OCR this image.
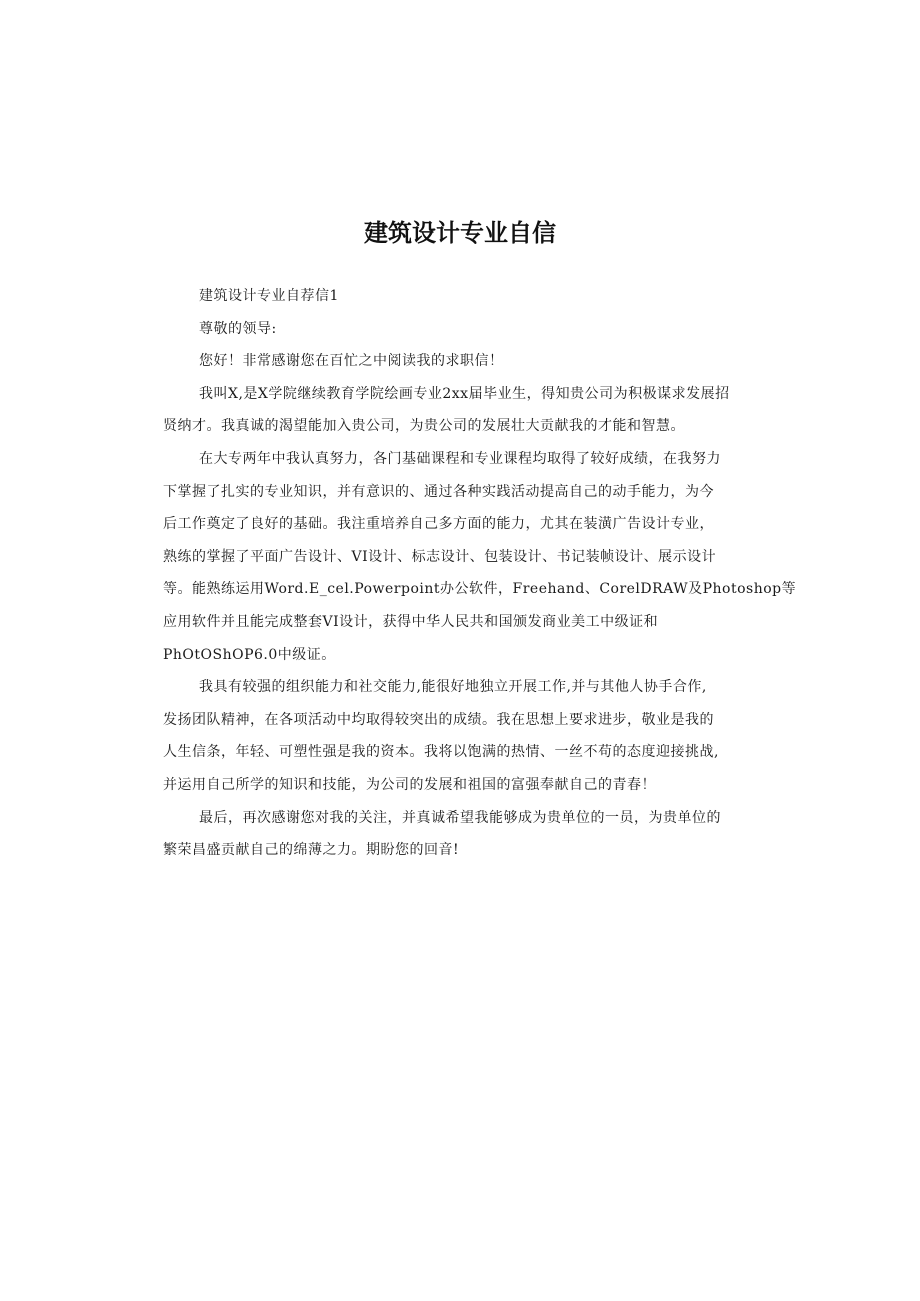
建筑设计专业自信

建筑设计专业自荐信1

尊敬的领导:

您好！非常感谢您在百忙之中阅读我的求职信！

我叫X,是X学院继续教育学院绘画专业2xx届毕业生，得知贵公司为积极谋求发展招

贤纳才。我真诚的渴望能加入贵公司，为贵公司的发展壮大贡献我的才能和智慧。

在大专两年中我认真努力，各门基础课程和专业课程均取得了较好成绩，在我努力

下掌握了扎实的专业知识，并有意识的、通过各种实践活动提高自己的动手能力，为今

后工作奠定了良好的基础。我注重培养自己多方面的能力，尤其在装潢广告设计专业，

熟练的掌握了平面广告设计、VI设计、标志设计、包装设计、书记装帧设计、展示设计

等。能熟练运用Word.E_cel.Powerpoint办公软件，Freehand、CorelDRAW及Photoshop等

应用软件并且能完成整套VI设计，获得中华人民共和国颁发商业美工中级证和

PhOtOShOP6.0中级证。

我具有较强的组织能力和社交能力,能很好地独立开展工作,并与其他人协手合作,

发扬团队精神，在各项活动中均取得较突出的成绩。我在思想上要求进步，敬业是我的

人生信条，年轻、可塑性强是我的资本。我将以饱满的热情、一丝不苟的态度迎接挑战,

并运用自己所学的知识和技能，为公司的发展和祖国的富强奉献自己的青春！

最后，再次感谢您对我的关注，并真诚希望我能够成为贵单位的一员，为贵单位的

繁荣昌盛贡献自己的绵薄之力。期盼您的回音!
